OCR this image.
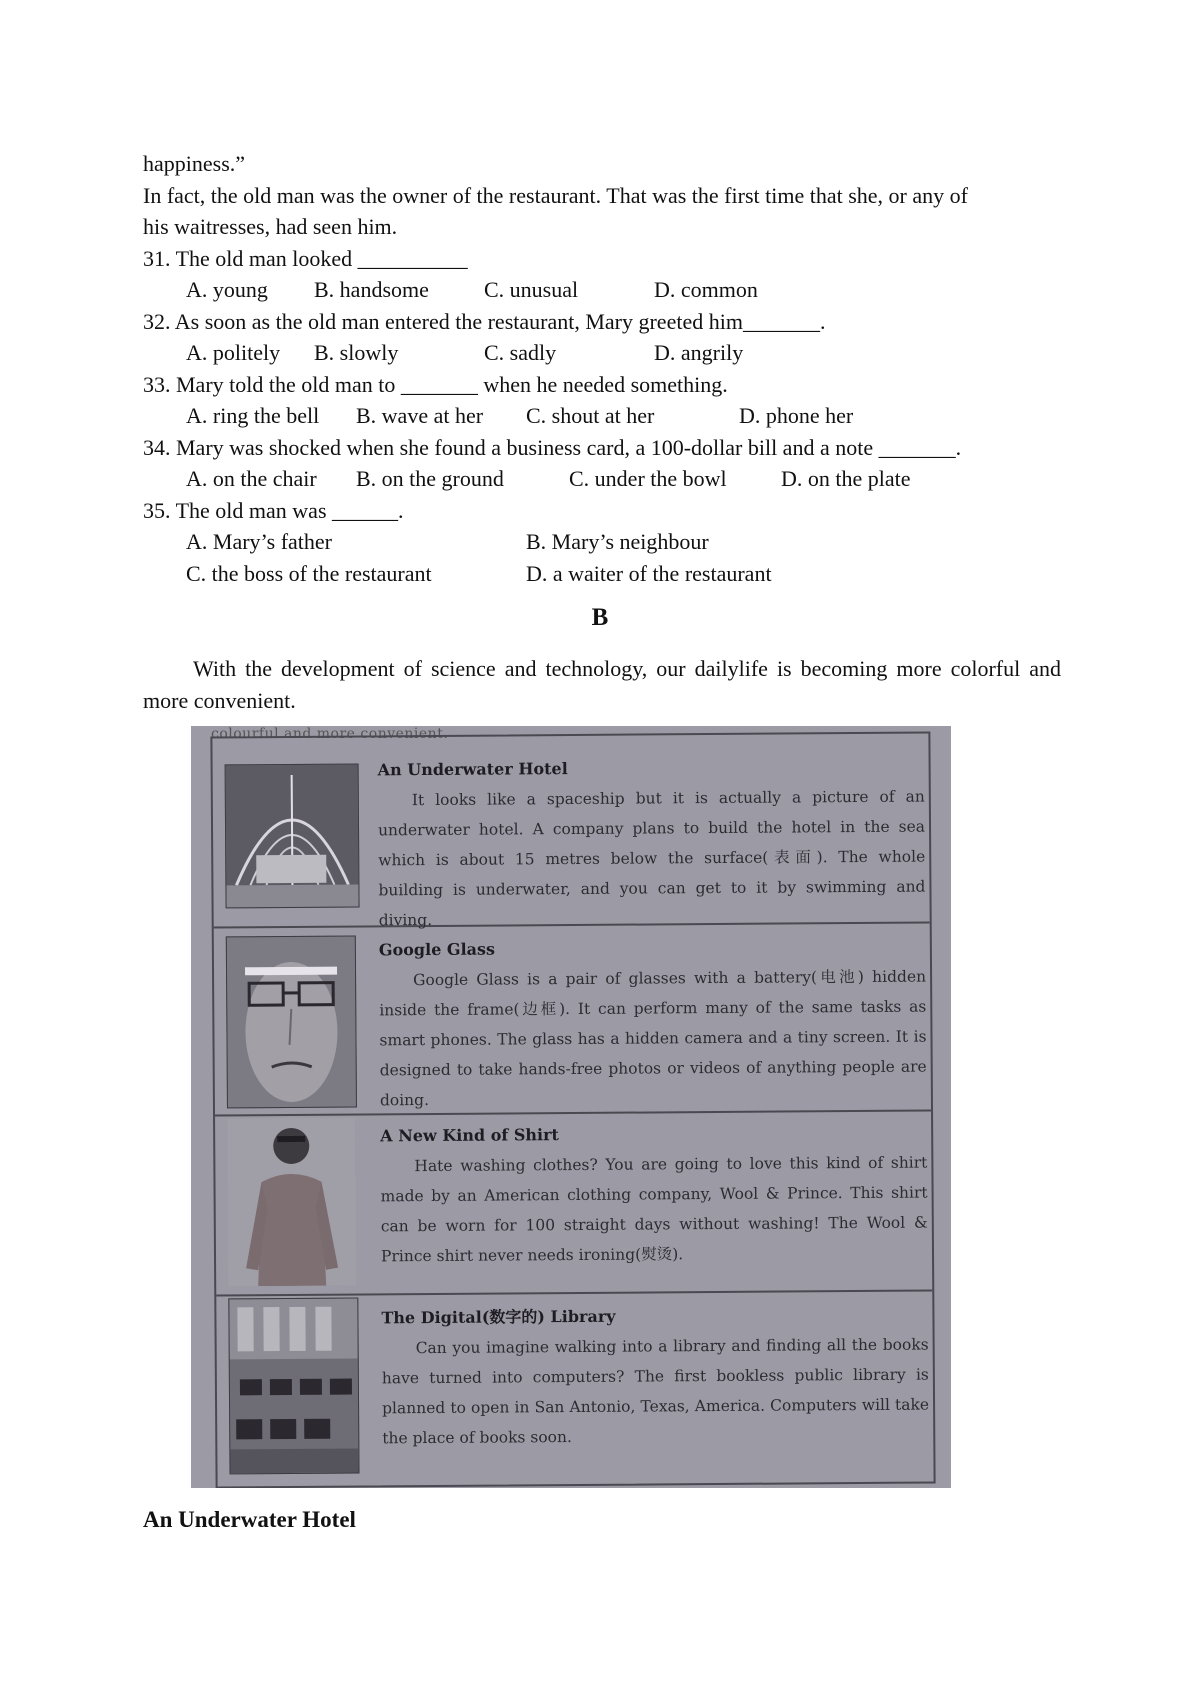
happiness.”
In fact, the old man was the owner of the restaurant. That was the first time that she, or any of
his waitresses, had seen him.
31. The old man looked __________
A. young B. handsome	C. unusual	D. common
32. As soon as the old man entered the restaurant, Mary greeted him_______.
A. politely B. slowly	C. sadly	D. angrily
33. Mary told the old man to _______ when he needed something.
A. ring the bell B. wave at her C. shout at her	D. phone her
34. Mary was shocked when she found a business card, a 100-dollar bill and a note _______.
A. on the chair B. on the ground	C. under the bowl D. on the plate
35. The old man was ______.
A. Mary’s father	B. Mary’s neighbour
C. the boss of the restaurant	D. a waiter of the restaurant
B
With the development of science and technology, our dailylife is becoming more colorful and more convenient.
colourful and more convenient.
An Underwater Hotel
It looks like a spaceship but it is actually a picture of an underwater hotel. A company plans to build the hotel in the sea which is about 15 metres below the surface(表面). The whole building is underwater, and you can get to it by swimming and diving.
Google Glass
Google Glass is a pair of glasses with a battery(电池) hidden inside the frame(边框). It can perform many of the same tasks as smart phones. The glass has a hidden camera and a tiny screen. It is designed to take hands-free photos or videos of anything people are doing.
A New Kind of Shirt
Hate washing clothes? You are going to love this kind of shirt made by an American clothing company, Wool & Prince. This shirt can be worn for 100 straight days without washing! The Wool & Prince shirt never needs ironing(熨烫).
The Digital(数字的) Library
Can you imagine walking into a library and finding all the books have turned into computers? The first bookless public library is planned to open in San Antonio, Texas, America. Computers will take the place of books soon.
An Underwater Hotel
